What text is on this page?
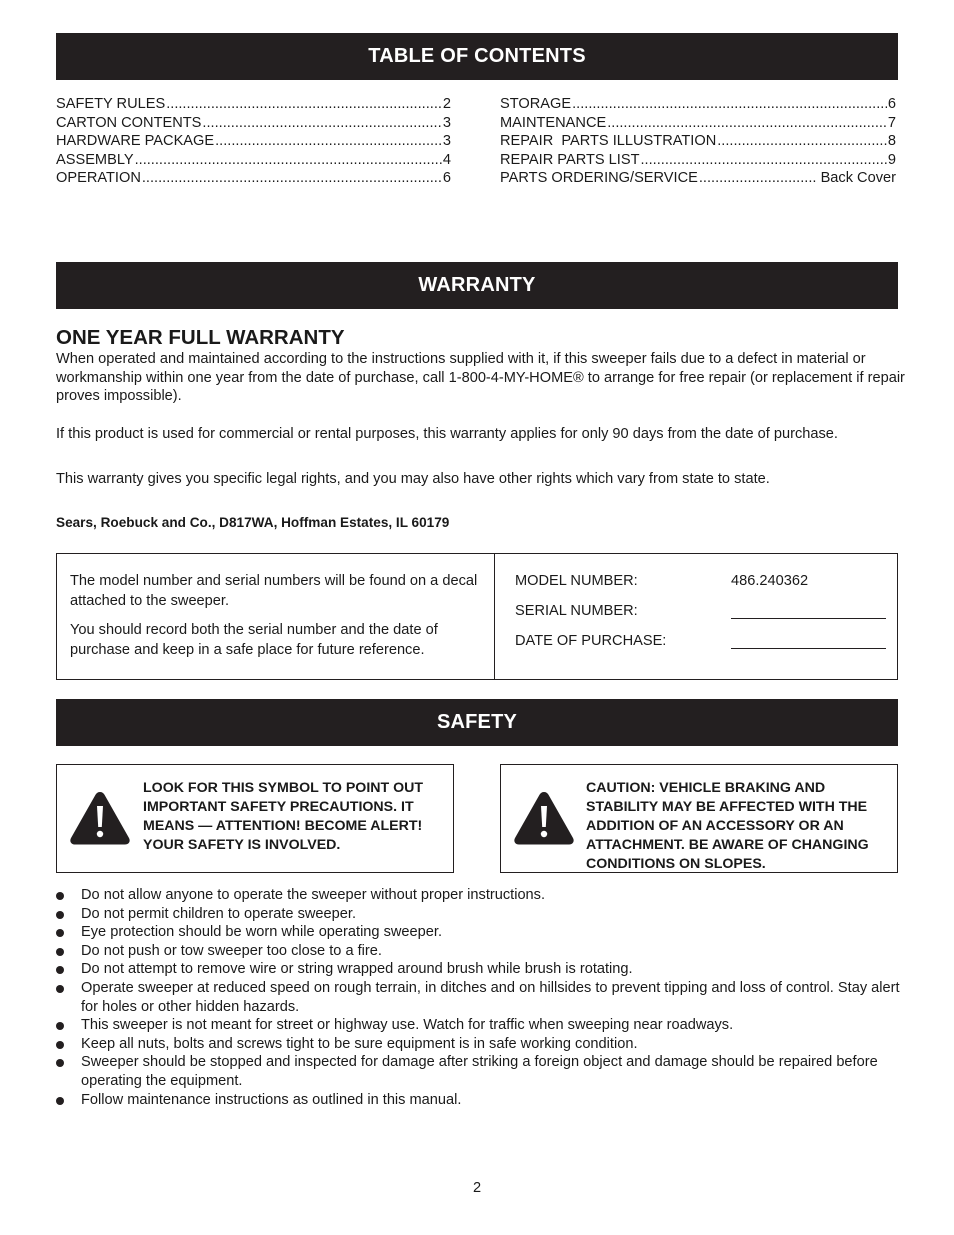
TABLE OF CONTENTS
SAFETY RULES .....	2
CARTON CONTENTS .....	3
HARDWARE PACKAGE .....	3
ASSEMBLY .....	4
OPERATION .....	6
STORAGE .....	6
MAINTENANCE .....	7
REPAIR  PARTS ILLUSTRATION .....	8
REPAIR PARTS LIST .....	9
PARTS ORDERING/SERVICE .....	Back Cover
WARRANTY
ONE YEAR FULL WARRANTY
When operated and maintained according to the instructions supplied with it, if this sweeper fails due to a defect in material or workmanship within one year from the date of purchase, call 1-800-4-MY-HOME® to arrange for free repair (or replacement if repair proves impossible).
If this product is used for commercial or rental purposes, this warranty applies for only 90 days from the date of purchase.
This warranty gives you specific legal rights, and you may also have other rights which vary from state to state.
Sears, Roebuck and Co., D817WA, Hoffman Estates, IL 60179

The model number and serial numbers will be found on a decal attached to the sweeper.

You should record both the serial number and the date of purchase and keep in a safe place for future reference.

MODEL NUMBER:	486.240362
SERIAL NUMBER:
DATE OF PURCHASE:
SAFETY
LOOK FOR THIS SYMBOL TO POINT OUT IMPORTANT SAFETY PRECAUTIONS. IT MEANS — ATTENTION! BECOME ALERT! YOUR SAFETY IS INVOLVED.
CAUTION: VEHICLE BRAKING AND STABILITY MAY BE AFFECTED WITH THE ADDITION OF AN ACCESSORY OR AN ATTACHMENT. BE AWARE OF CHANGING CONDITIONS ON SLOPES.
Do not allow anyone to operate the sweeper without proper instructions.
Do not permit children to operate sweeper.
Eye protection should be worn while operating sweeper.
Do not push or tow sweeper too close to a fire.
Do not attempt to remove wire or string wrapped around brush while brush is rotating.
Operate sweeper at reduced speed on rough terrain, in ditches and on hillsides to prevent tipping and loss of control. Stay alert for holes or other hidden hazards.
This sweeper is not meant for street or highway use. Watch for traffic when sweeping near roadways.
Keep all nuts, bolts and screws tight to be sure equipment is in safe working condition.
Sweeper should be stopped and inspected for damage after striking a foreign object and damage should be repaired before operating the equipment.
Follow maintenance instructions as outlined in this manual.
2
